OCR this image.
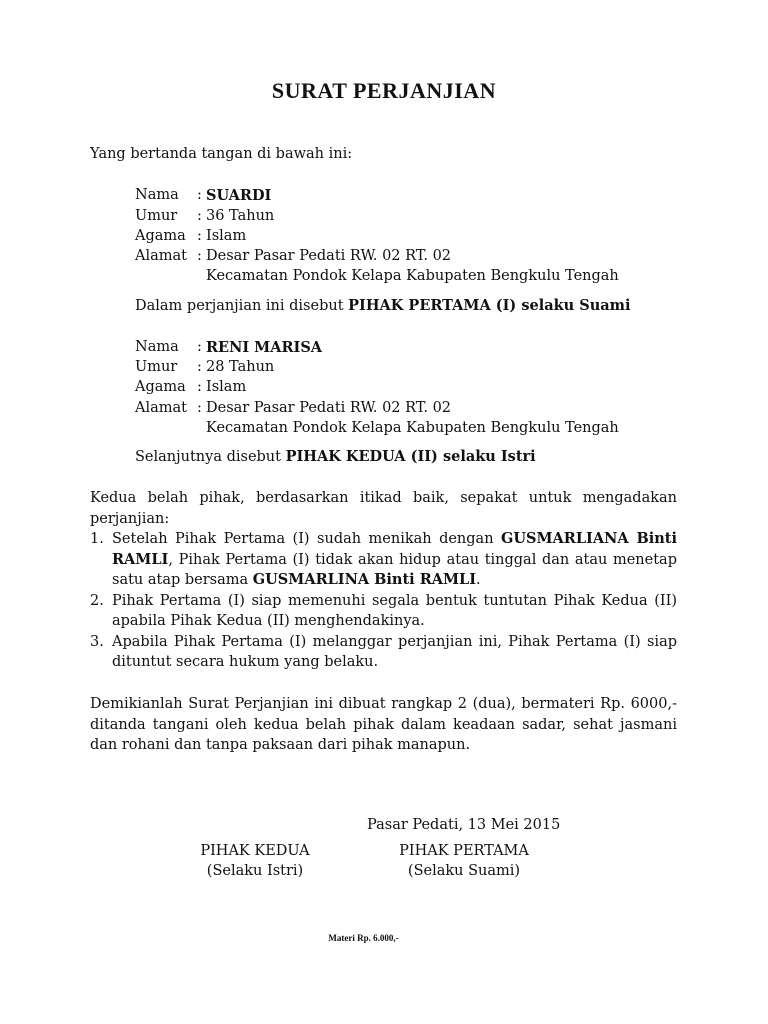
SURAT PERJANJIAN
Yang bertanda tangan di bawah ini:
Nama : SUARDI
Umur : 36 Tahun
Agama : Islam
Alamat : Desar Pasar Pedati RW. 02 RT. 02
Kecamatan Pondok Kelapa Kabupaten Bengkulu Tengah
Dalam perjanjian ini disebut PIHAK PERTAMA (I) selaku Suami
Nama : RENI MARISA
Umur : 28 Tahun
Agama : Islam
Alamat : Desar Pasar Pedati RW. 02 RT. 02
Kecamatan Pondok Kelapa Kabupaten Bengkulu Tengah
Selanjutnya disebut PIHAK KEDUA (II) selaku Istri

Kedua belah pihak, berdasarkan itikad baik, sepakat untuk mengadakan perjanjian:

1. Setelah Pihak Pertama (I) sudah menikah dengan GUSMARLIANA Binti RAMLI, Pihak Pertama (I) tidak akan hidup atau tinggal dan atau menetap satu atap bersama GUSMARLINA Binti RAMLI.
2. Pihak Pertama (I) siap memenuhi segala bentuk tuntutan Pihak Kedua (II) apabila Pihak Kedua (II) menghendakinya.
3. Apabila Pihak Pertama (I) melanggar perjanjian ini, Pihak Pertama (I) siap dituntut secara hukum yang belaku.

Demikianlah Surat Perjanjian ini dibuat rangkap 2 (dua), bermateri Rp. 6000,- ditanda tangani oleh kedua belah pihak dalam keadaan sadar, sehat jasmani dan rohani dan tanpa paksaan dari pihak manapun.

Pasar Pedati, 13 Mei 2015
PIHAK KEDUA
(Selaku Istri)
PIHAK PERTAMA
(Selaku Suami)
Materi Rp. 6.000,-
